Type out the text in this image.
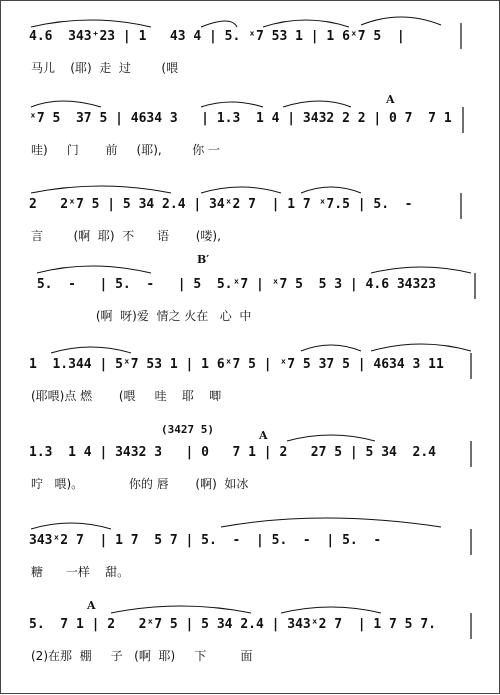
4.6  343⁺23 | 1   43 4 | 5. ˣ7 53 1 | 1 6ˣ7 5  |
马儿    (耶)  走  过        (喂
A
ˣ7 5  37 5 | 4634 3   | 1.3  1 4 | 3432 2 2 | 0 7  7 1
哇)     门       前     (耶),        你 一
2   2ˣ7 5 | 5 34 2.4 | 34ˣ2 7  | 1 7 ˣ7.5 | 5.  -
言        (啊  耶)  不      语       (喽),
B′
5.  -   | 5.  -   | 5  5.ˣ7 | ˣ7 5  5 3 | 4.6 34323
(啊  呀)爱  情之 火在   心  中
1  1.344 | 5ˣ7 53 1 | 1 6ˣ7 5 | ˣ7 5 37 5 | 4634 3 11
(耶喂)点 燃       (喂     哇    耶    唧
(3427 5)	A
1.3  1 4 | 3432 3   | 0   7 1 | 2   27 5 | 5 34  2.4
咛   喂)。            你的 唇       (啊)  如冰
343ˣ2 7  | 1 7  5 7 | 5.  -  | 5.  -  | 5.  -
糖      一样    甜。
A
5.  7 1 | 2   2ˣ7 5 | 5 34 2.4 | 343ˣ2 7  | 1 7 5 7.
(2)在那  棚     子   (啊  耶)     下         面
